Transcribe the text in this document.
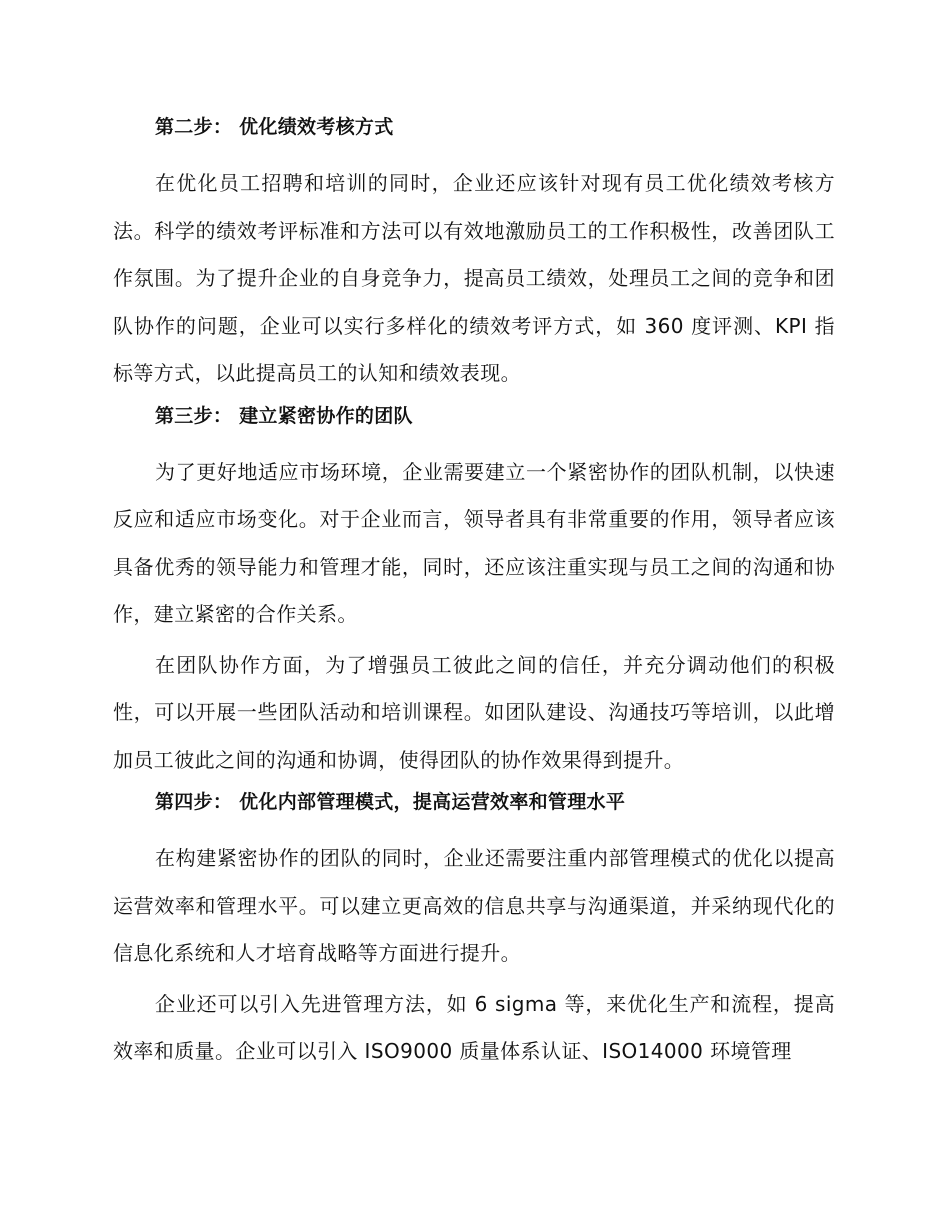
第二步： 优化绩效考核方式

在优化员工招聘和培训的同时，企业还应该针对现有员工优化绩效考核方法。科学的绩效考评标准和方法可以有效地激励员工的工作积极性，改善团队工作氛围。为了提升企业的自身竞争力，提高员工绩效，处理员工之间的竞争和团队协作的问题，企业可以实行多样化的绩效考评方式，如 360 度评测、KPI 指标等方式，以此提高员工的认知和绩效表现。

第三步： 建立紧密协作的团队

为了更好地适应市场环境，企业需要建立一个紧密协作的团队机制，以快速反应和适应市场变化。对于企业而言，领导者具有非常重要的作用，领导者应该具备优秀的领导能力和管理才能，同时，还应该注重实现与员工之间的沟通和协作，建立紧密的合作关系。

在团队协作方面，为了增强员工彼此之间的信任，并充分调动他们的积极性，可以开展一些团队活动和培训课程。如团队建设、沟通技巧等培训，以此增加员工彼此之间的沟通和协调，使得团队的协作效果得到提升。

第四步： 优化内部管理模式，提高运营效率和管理水平

在构建紧密协作的团队的同时，企业还需要注重内部管理模式的优化以提高运营效率和管理水平。可以建立更高效的信息共享与沟通渠道，并采纳现代化的信息化系统和人才培育战略等方面进行提升。

企业还可以引入先进管理方法，如 6 sigma 等，来优化生产和流程，提高效率和质量。企业可以引入 ISO9000 质量体系认证、ISO14000 环境管理
